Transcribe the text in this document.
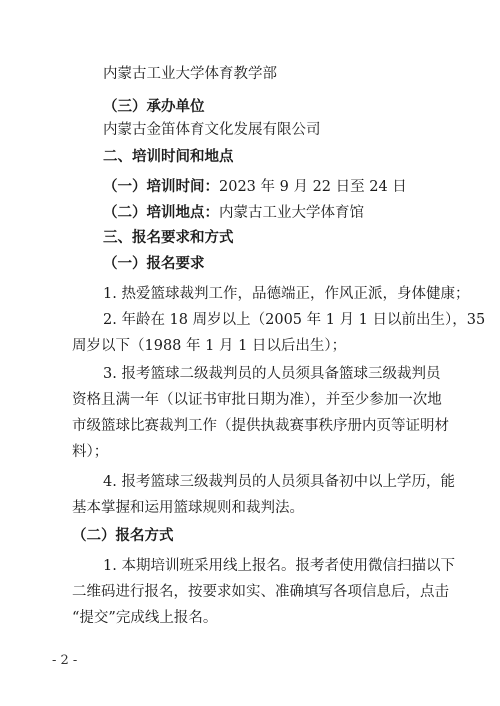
内蒙古工业大学体育教学部
（三）承办单位
内蒙古金笛体育文化发展有限公司
二、培训时间和地点
（一）培训时间：2023 年 9 月 22 日至 24 日
（二）培训地点：内蒙古工业大学体育馆
三、报名要求和方式
（一）报名要求
1. 热爱篮球裁判工作，品德端正，作风正派，身体健康；
2. 年龄在 18 周岁以上（2005 年 1 月 1 日以前出生），35
周岁以下（1988 年 1 月 1 日以后出生）；
3. 报考篮球二级裁判员的人员须具备篮球三级裁判员
资格且满一年（以证书审批日期为准），并至少参加一次地
市级篮球比赛裁判工作（提供执裁赛事秩序册内页等证明材
料）；
4. 报考篮球三级裁判员的人员须具备初中以上学历，能
基本掌握和运用篮球规则和裁判法。
（二）报名方式
1. 本期培训班采用线上报名。报考者使用微信扫描以下
二维码进行报名，按要求如实、准确填写各项信息后，点击
“提交”完成线上报名。
- 2 -
